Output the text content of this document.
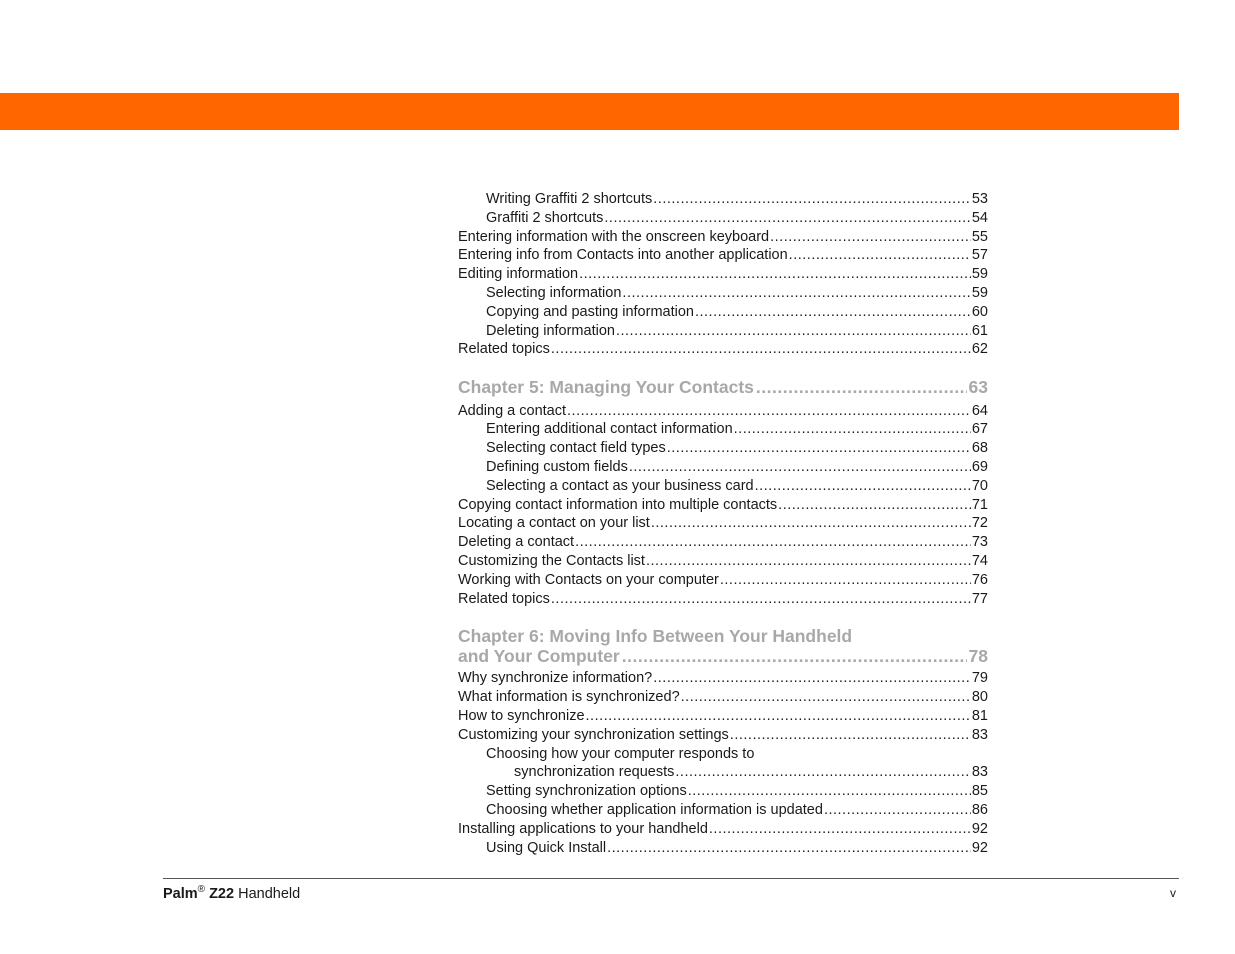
Writing Graffiti 2 shortcuts .....	53
Graffiti 2 shortcuts .....	54
Entering information with the onscreen keyboard .....	55
Entering info from Contacts into another application .....	57
Editing information .....	59
Selecting information .....	59
Copying and pasting information .....	60
Deleting information .....	61
Related topics .....	62
Chapter 5: Managing Your Contacts .....	63
Adding a contact .....	64
Entering additional contact information .....	67
Selecting contact field types .....	68
Defining custom fields .....	69
Selecting a contact as your business card .....	70
Copying contact information into multiple contacts .....	71
Locating a contact on your list .....	72
Deleting a contact .....	73
Customizing the Contacts list .....	74
Working with Contacts on your computer .....	76
Related topics .....	77
Chapter 6: Moving Info Between Your Handheld
and Your Computer .....	78
Why synchronize information? .....	79
What information is synchronized? .....	80
How to synchronize .....	81
Customizing your synchronization settings .....	83
Choosing how your computer responds to
synchronization requests .....	83
Setting synchronization options .....	85
Choosing whether application information is updated .....	86
Installing applications to your handheld .....	92
Using Quick Install .....	92
Palm® Z22 Handheld	v
